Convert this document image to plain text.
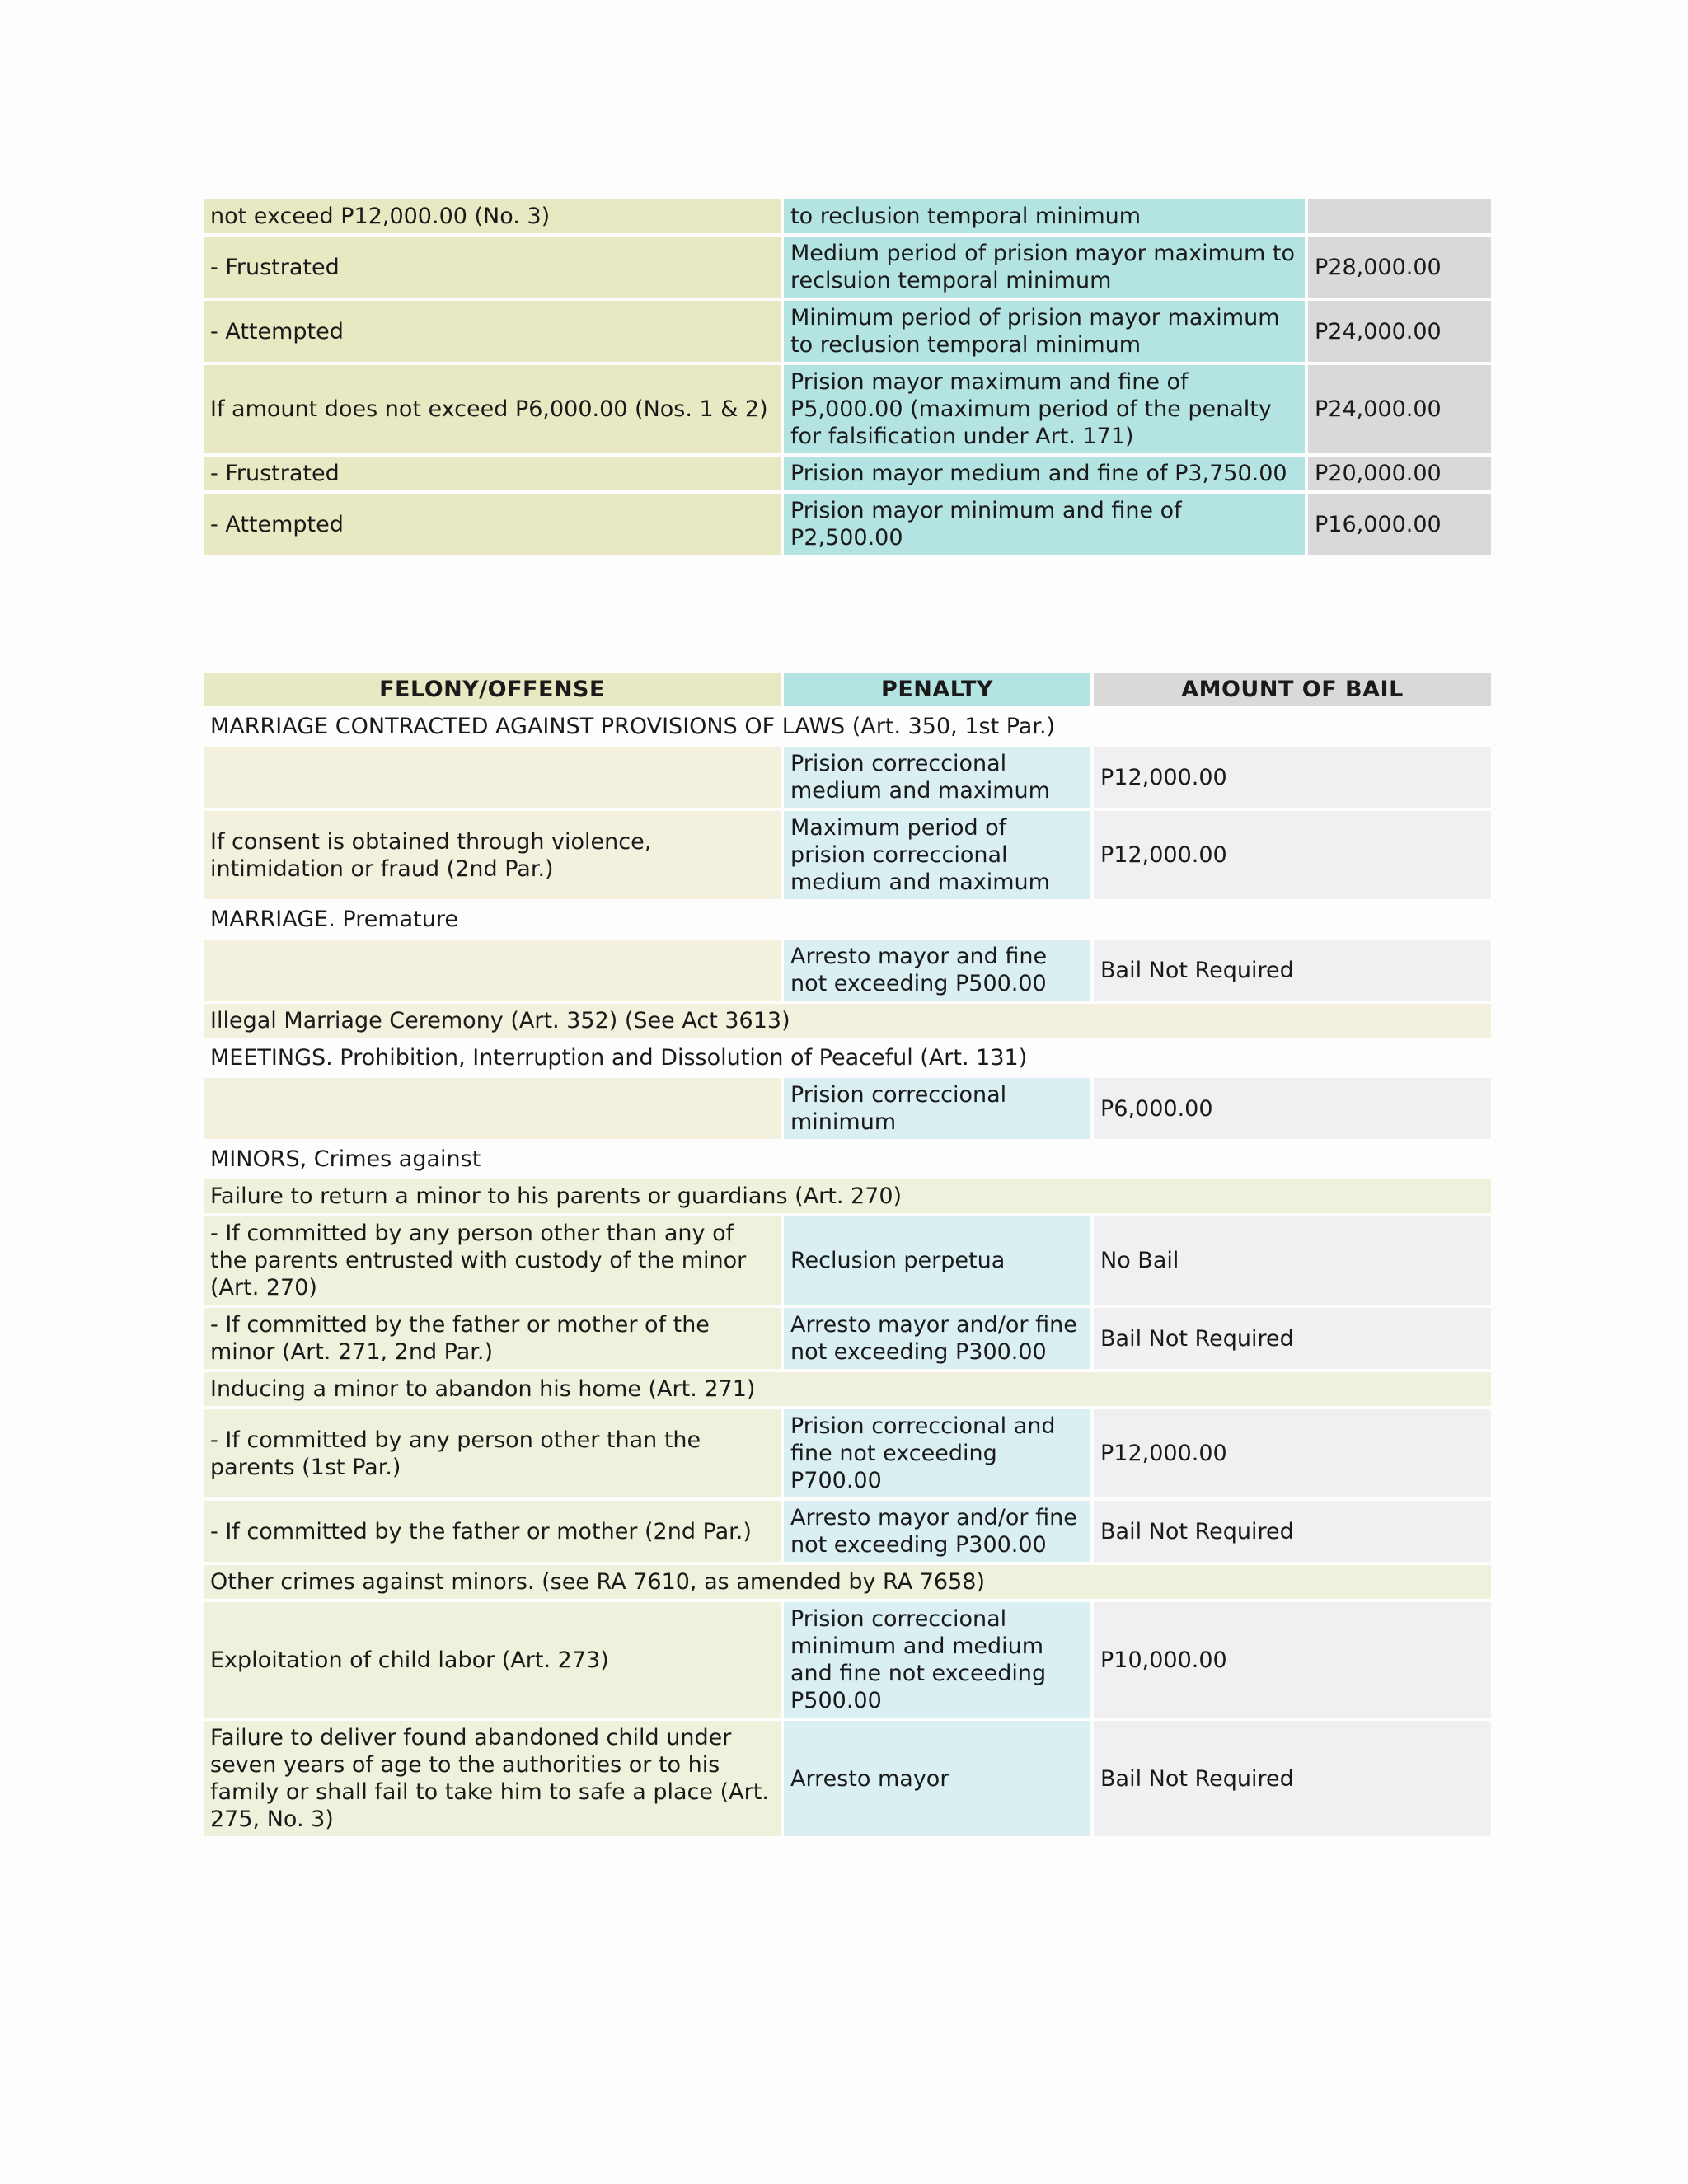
not exceed P12,000.00 (No. 3)	to reclusion temporal minimum	
- Frustrated	Medium period of prision mayor maximum to reclsuion temporal minimum	P28,000.00
- Attempted	Minimum period of prision mayor maximum to reclusion temporal minimum	P24,000.00
If amount does not exceed P6,000.00 (Nos. 1 & 2)	Prision mayor maximum and fine of P5,000.00 (maximum period of the penalty for falsification under Art. 171)	P24,000.00
- Frustrated	Prision mayor medium and fine of P3,750.00	P20,000.00
- Attempted	Prision mayor minimum and fine of P2,500.00	P16,000.00
FELONY/OFFENSE	PENALTY	AMOUNT OF BAIL
MARRIAGE CONTRACTED AGAINST PROVISIONS OF LAWS (Art. 350, 1st Par.)		
	Prision correccional medium and maximum	P12,000.00
If consent is obtained through violence, intimidation or fraud (2nd Par.)	Maximum period of prision correccional medium and maximum	P12,000.00
MARRIAGE. Premature		
	Arresto mayor and fine not exceeding P500.00	Bail Not Required
Illegal Marriage Ceremony (Art. 352) (See Act 3613)		
MEETINGS. Prohibition, Interruption and Dissolution of Peaceful (Art. 131)		
	Prision correccional minimum	P6,000.00
MINORS, Crimes against		
Failure to return a minor to his parents or guardians (Art. 270)		
- If committed by any person other than any of the parents entrusted with custody of the minor (Art. 270)	Reclusion perpetua	No Bail
- If committed by the father or mother of the minor (Art. 271, 2nd Par.)	Arresto mayor and/or fine not exceeding P300.00	Bail Not Required
Inducing a minor to abandon his home (Art. 271)		
- If committed by any person other than the parents (1st Par.)	Prision correccional and fine not exceeding P700.00	P12,000.00
- If committed by the father or mother (2nd Par.)	Arresto mayor and/or fine not exceeding P300.00	Bail Not Required
Other crimes against minors. (see RA 7610, as amended by RA 7658)		
Exploitation of child labor (Art. 273)	Prision correccional minimum and medium and fine not exceeding P500.00	P10,000.00
Failure to deliver found abandoned child under seven years of age to the authorities or to his family or shall fail to take him to safe a place (Art. 275, No. 3)	Arresto mayor	Bail Not Required
